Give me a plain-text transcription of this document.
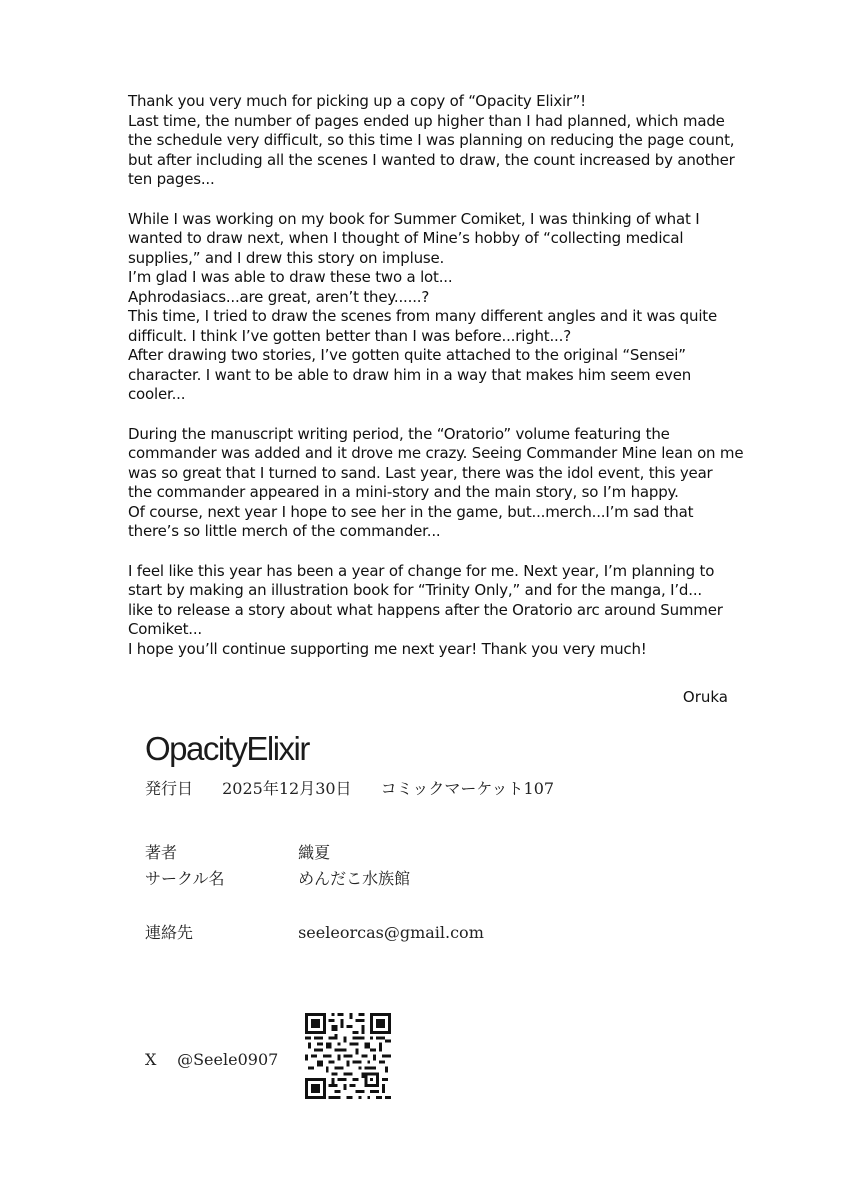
Thank you very much for picking up a copy of “Opacity Elixir”!
Last time, the number of pages ended up higher than I had planned, which made
the schedule very difficult, so this time I was planning on reducing the page count,
but after including all the scenes I wanted to draw, the count increased by another
ten pages...

While I was working on my book for Summer Comiket, I was thinking of what I
wanted to draw next, when I thought of Mine’s hobby of “collecting medical
supplies,” and I drew this story on impluse.
I’m glad I was able to draw these two a lot...
Aphrodasiacs...are great, aren’t they......?
This time, I tried to draw the scenes from many different angles and it was quite
difficult. I think I’ve gotten better than I was before...right...?
After drawing two stories, I’ve gotten quite attached to the original “Sensei”
character. I want to be able to draw him in a way that makes him seem even
cooler...

During the manuscript writing period, the “Oratorio” volume featuring the
commander was added and it drove me crazy. Seeing Commander Mine lean on me
was so great that I turned to sand. Last year, there was the idol event, this year
the commander appeared in a mini-story and the main story, so I’m happy.
Of course, next year I hope to see her in the game, but...merch...I’m sad that
there’s so little merch of the commander...

I feel like this year has been a year of change for me. Next year, I’m planning to
start by making an illustration book for “Trinity Only,” and for the manga, I’d...
like to release a story about what happens after the Oratorio arc around Summer
Comiket...
I hope you’ll continue supporting me next year! Thank you very much!

Oruka
OpacityElixir
発行日 2025年12月30日 コミックマーケット107
著者	織夏
サークル名	めんだこ水族館
連絡先	seeleorcas@gmail.com
X @Seele0907
